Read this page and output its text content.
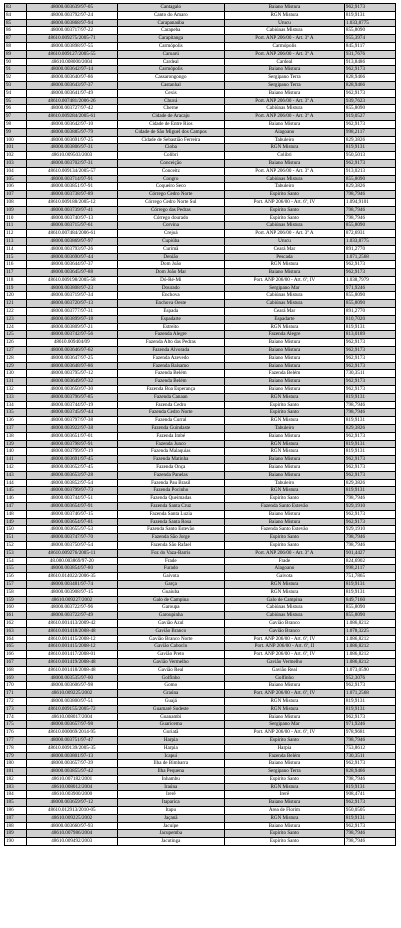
83	48000.003639/97-05	Cantagalo	Baiano Mistura	962,9173
84	48000.003792/97-24	Canto do Amaro	RGN Mistura	819,9131
85	48000.003868/97-94	Carapanaúba	Urucu	1.033,8775
86	48000.003717/97-22	Carapeba	Cabiúnas Mistura	855,8090
87	48610.009275/2005-71	Carapitanga	Port. ANP 206/00 - Art. 3º A	955,3974
88	48000.003898/97-55	Carmópolis	Carmópolis	845,9117
89	48610.009127/2005-55	Caruarú	Port. ANP 206/00 - Art. 3º A	931,7676
90	48610.008000/2004	Cardeal	Cardeal	913,8486
91	48000.003642/97-14	Carmópolis	Baiano Mistura	962,9173
92	48000.003640/97-86	Cassarongongo	Sergipano Terra	828,9466
93	48000.003643/97-37	Castanhal	Sergipano Terra	828,9466
94	48000.003641/97-49	Cexis	Baiano Mistura	962,9173
95	48610.007481/2006-26	Chuvá	Port. ANP 206/00 - Art. 3º A	939,7623
96	48000.003727/97-42	Cherne	Cabiúnas Mistura	855,8090
97	48610.009284/2005-61	Cidade de Aracaju	Port. ANP 206/00 - Art. 3º A	919,0527
98	48000.003642/97-10	Cidade de Entre Rios	Baiano Mistura	962,9173
99	48000.003885/97-79	Cidade de São Miguel dos Campos	Alagoano	998,2117
100	48000.003691/97-25	Cidade de Sebastião Ferreira	Tabuleiro	829,3826
101	48000.003806/97-31	Cioba	RGN Mistura	819,9131
102	48610.009503/2003	Colibri	Colibri	950,5013
103	48000.003702/97-31	Conceição	Baiano Mistura	962,9173
104	48610.009134/2005-57	Conceitz	Port. ANP 206/00 - Art. 3º A	913,0213
105	48000.003714/97-91	Congro	Cabiúnas Mistura	855,8090
106	48000.003851/97-91	Coqueiro Seco	Tabuleiro	829,3826
107	48000.003738/97-89	Córrego Cedro Norte	Espírito Santo	798,7946
108	48610.009188/2005-12	Córrego Cedro Norte Sul	Port. ANP 206/00 - Art. 6º, IV	1.094,9101
109	48000.003739/97-41	Córrego das Pedras	Espírito Santo	798,7946
110	48000.003740/97-13	Córrego dourado	Espírito Santo	798,7946
111	48000.003715/97-61	Corvina	Cabiúnas Mistura	855,8090
112	48610.007484/2006-61	Crejoá	Port. ANP 206/00 - Art. 3º A	872,6931
113	48000.003869/97-97	Cupiúba	Urucu	1.033,8775
114	48000.003793/97-26	Curimã	Ceará Mar	891,2770
115	48000.003690/97-44	Denião	Pescada	1.071,2568
116	48000.003644/97-37	Dom João	RGN Mistura	962,9173
117	48000.003645/97-88	Dom João Mar	Baiano Mistura	962,9173
118	48610.009198/2005-58	Dó-Ré-Mi	Port. ANP 206/00 - Art. 6º, IV	1.038,7979
119	48000.003808/97-23	Dourado	Sergipano Mar	971,9246
120	48000.003719/97-34	Enchova	Cabiúnas Mistura	855,8090
121	48000.003720/97-13	Enchova Oeste	Cabiúnas Mistura	855,8090
122	48000.003777/97-31	Espada	Ceará Mar	891,2770
123	48000.003899/97-18	Espadarte	Espadarte	810,7020
124	48000.003809/97-21	Estreito	RGN Mistura	819,9131
125	48000.003742/97-56	Fazenda Alegre	Fazenda Alegre	813,0189
126	48610.009404/09	Fazenda Alto das Pedras	Baiano Mistura	962,9173
127	48000.003646/97-62	Fazenda Alvorada	Baiano Mistura	962,9173
128	48000.003647/97-25	Fazenda Azevedo	Baiano Mistura	962,9173
129	48000.003648/97-86	Fazenda Balsamo	Baiano Mistura	962,9173
130	48000.003795/97-12	Fazenda Belém	Fazenda Belém	730,3511
131	48000.003649/97-32	Fazenda Belém	Baiano Mistura	962,9173
132	48000.003650/97-30	Fazenda Boa Esperança	Baiano Mistura	962,9173
133	48000.003796/97-85	Fazenda Canaan	RGN Mistura	819,9131
134	48000.003744/97-19	Fazenda Cedro	Espírito Santo	798,7946
135	48000.003745/97-44	Fazenda Cedro Norte	Espírito Santo	798,7946
136	48000.003797/97-38	Fazenda Curral	RGN Mistura	819,9131
137	48000.003922/97-38	Fazenda Guindaste	Tabuleiro	829,3826
138	48000.003651/97-01	Fazenda Imbé	Baiano Mistura	962,9173
139	48000.003798/97-91	Fazenda Junco	RGN Mistura	819,9131
140	48000.003799/97-19	Fazenda Malaquias	RGN Mistura	819,9131
141	48000.003691/97-45	Fazenda Matinha	Baiano Mistura	962,9173
142	48000.003652/97-45	Fazenda Onça	Baiano Mistura	962,9173
143	48000.003653/97-28	Fazenda Panelas	Baiano Mistura	962,9173
144	48000.003852/97-54	Fazenda Pau Brasil	Tabuleiro	829,3826
145	48000.003799/97-73	Fazenda Pocinho	RGN Mistura	819,9131
146	48000.003744/97-51	Fazenda Queimadas	Espírito Santo	798,7946
147	48000.003654/97-91	Fazenda Santa Cruz	Fazenda Santo Estevão	929,1910
148	48000.003746/97-15	Fazenda Santa Luzia	Baiano Mistura	962,9173
149	48000.003654/97-81	Fazenda Santa Rosa	Baiano Mistura	962,9173
150	48000.003655/97-53	Fazenda Santo Estevão	Fazenda Santo Estevão	929,1910
151	48000.003747/97-70	Fazenda São Jorge	Espírito Santo	798,7946
152	48000.003750/97-54	Fazenda São Rafael	Espírito Santo	798,7946
153	48610.009276/2005-11	Foz do Vaza-Barris	Port. ANP 206/00 - Art. 3º A	901,4427
154	48.000.003869/97-20	Frade	Frade	824,6902
155	48000.003854/97-80	Furado	Alagoano	998,2117
156	48610.014022/2006-35	Gaivota	Gaivota	751,7865
157	48000.003481/97-74	Garça	RGN Mistura	819,9131
158	48000.003908/97-15	Guaiuba	RGN Mistura	819,9131
159	48610.009227/2002	Galo de Campina	Galo de Campina	849,7160
160	48000.003722/97-96	Garoupa	Cabiúnas Mistura	855,8090
161	48000.003722/97-49	Garoupinha	Cabiúnas Mistura	855,8090
162	48610.001413/2009-42	Gavião Azul	Gavião Branco	1.086,8212
163	48610.001418/2008-48	Gavião Branco	Gavião Branco	1.078,3225
164	48610.001415/2008-12	Gavião Branco Norte	Port. ANP 206/00 - Art. 6º, IV	1.086,8212
165	48610.001415/2008-12	Gavião Caboclo	Port. ANP 206/00 - Art. 6º, II	1.086,8212
166	48610.001417/2008-01	Gavião Preto	Port. ANP 206/00 - Art. 6º, IV	1.086,8212
167	48610.001419/2008-48	Gavião Vermelho	Gavião Vermelho	1.086,8212
168	48610.001418/2008-48	Gavião Real	Gavião Real	1.073,0590
169	48000.003535/97-00	Golfinho	Golfinho	952,3076
170	48000.003606/97-98	Gomo	Baiano Mistura	962,9173
171	48610.009225/2002	Graúna	Port. ANP 206/00 - Art. 6º, IV	1.071,2568
172	48000.003800/97-51	Guajá	RGN Mistura	819,9131
173	48610.009155/2005-72	Guamaré Sudeste	RGN Mistura	819,9131
174	48610.008017/2004	Guanambi	Baiano Mistura	962,9173
175	48000.003657/97-98	Guaricema	Sergipano Mar	971,9246
176	48610.000069/2014-95	Guriatã	Port. ANP 206/00 - Art. 6º, IV	978,9681
177	48000.003751/97-47	Harpia	Espírito Santo	798,7946
178	48610.009139/2005-35	Harpia	Harpia	753,8612
179	48000.003801/97-13	Icapui	Fazenda Belém	730,3511
180	48000.003657/97-39	Ilha de Bimbarra	Baiano Mistura	962,9173
181	48000.003855/97-42	Ilha Pequena	Sergipano Terra	828,9466
182	48610.007182/2001	Inhambu	Espírito Santo	798,7946
183	48610.008012/2004	Iraúna	RGN Mistura	819,9131
184	48610.003900/2000	Irerê	Irerê	908,4741
185	48000.003659/97-12	Itaparica	Baiano Mistura	962,9173
186	48610.012913/2010-05	Itapu	Área de Florim	950,0505
187	48610.009225/2002	Jaçanã	RGN Mistura	819,9131
188	48000.003660/97-93	Jacuípe	Baiano Mistura	962,9173
189	48610.007986/2004	Jacupemba	Espírito Santo	798,7946
190	48610.009492/2003	Jacutinga	Espírito Santo	798,7946
